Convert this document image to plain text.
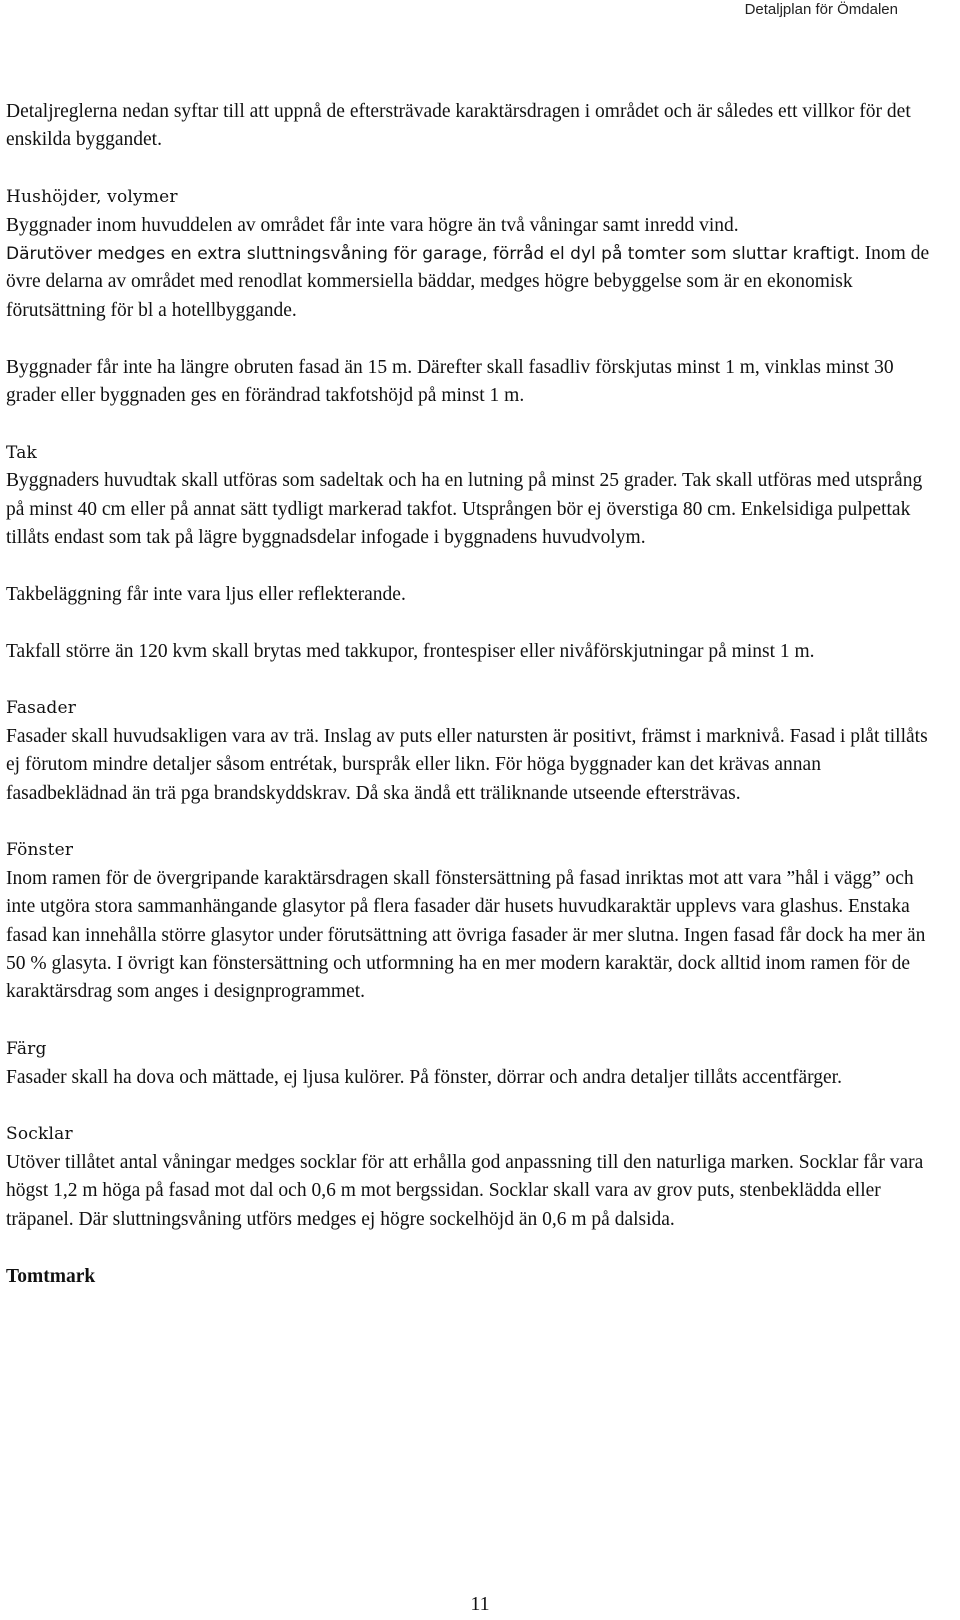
Detaljplan för Ömdalen

Detaljreglerna nedan syftar till att uppnå de eftersträvade karaktärsdragen i området och är således ett villkor för det enskilda byggandet.

Hushöjder, volymer
Byggnader inom huvuddelen av området får inte vara högre än två våningar samt inredd vind.
Därutöver medges en extra sluttningsvåning för garage, förråd el dyl på tomter som sluttar kraftigt. Inom de övre delarna av området med renodlat kommersiella bäddar, medges högre bebyggelse som är en ekonomisk förutsättning för bl a hotellbyggande.

Byggnader får inte ha längre obruten fasad än 15 m. Därefter skall fasadliv förskjutas minst 1 m, vinklas minst 30 grader eller byggnaden ges en förändrad takfotshöjd på minst 1 m.

Tak
Byggnaders huvudtak skall utföras som sadeltak och ha en lutning på minst 25 grader. Tak skall utföras med utsprång på minst 40 cm eller på annat sätt tydligt markerad takfot. Utsprången bör ej överstiga 80 cm. Enkelsidiga pulpettak tillåts endast som tak på lägre byggnadsdelar infogade i byggnadens huvudvolym.

Takbeläggning får inte vara ljus eller reflekterande.

Takfall större än 120 kvm skall brytas med takkupor, frontespiser eller nivåförskjutningar på minst 1 m.

Fasader
Fasader skall huvudsakligen vara av trä. Inslag av puts eller natursten är positivt, främst i marknivå. Fasad i plåt tillåts ej förutom mindre detaljer såsom entrétak, burspråk eller likn. För höga byggnader kan det krävas annan fasadbeklädnad än trä pga brandskyddskrav. Då ska ändå ett träliknande utseende eftersträvas.
Fönster
Inom ramen för de övergripande karaktärsdragen skall fönstersättning på fasad inriktas mot att vara ”hål i vägg” och inte utgöra stora sammanhängande glasytor på flera fasader där husets huvudkaraktär upplevs vara glashus. Enstaka fasad kan innehålla större glasytor under förutsättning att övriga fasader är mer slutna. Ingen fasad får dock ha mer än 50 % glasyta. I övrigt kan fönstersättning och utformning ha en mer modern karaktär, dock alltid inom ramen för de karaktärsdrag som anges i designprogrammet.
Färg
Fasader skall ha dova och mättade, ej ljusa kulörer. På fönster, dörrar och andra detaljer tillåts accentfärger.
Socklar
Utöver tillåtet antal våningar medges socklar för att erhålla god anpassning till den naturliga marken. Socklar får vara högst 1,2 m höga på fasad mot dal och 0,6 m mot bergssidan. Socklar skall vara av grov puts, stenbeklädda eller träpanel. Där sluttningsvåning utförs medges ej högre sockelhöjd än 0,6 m på dalsida.
Tomtmark
11
